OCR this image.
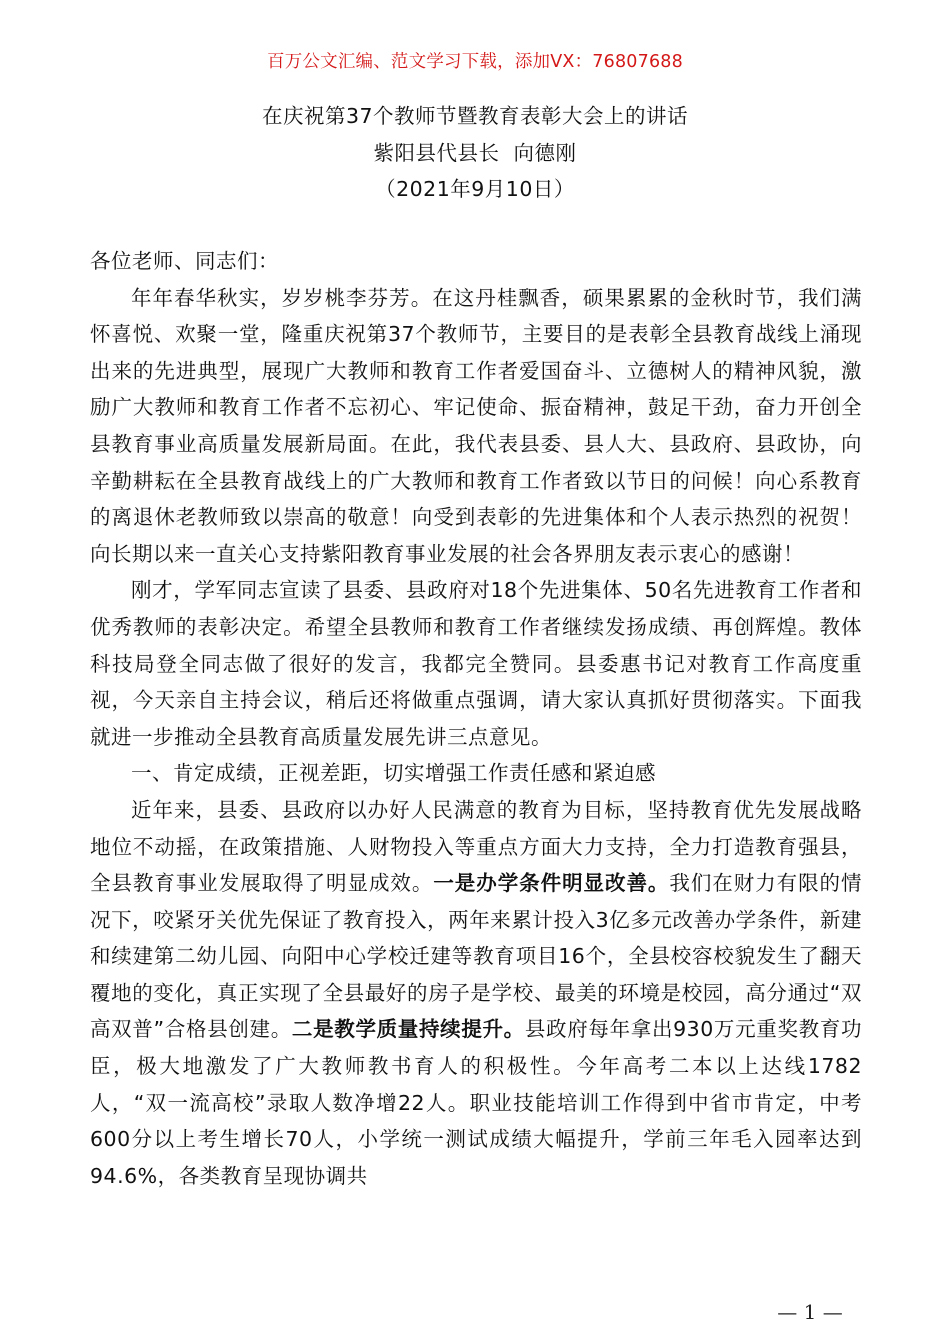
百万公文汇编、范文学习下载，添加VX：76807688
在庆祝第37个教师节暨教育表彰大会上的讲话
紫阳县代县长  向德刚
（2021年9月10日）

各位老师、同志们：

年年春华秋实，岁岁桃李芬芳。在这丹桂飘香，硕果累累的金秋时节，我们满怀喜悦、欢聚一堂，隆重庆祝第37个教师节，主要目的是表彰全县教育战线上涌现出来的先进典型，展现广大教师和教育工作者爱国奋斗、立德树人的精神风貌，激励广大教师和教育工作者不忘初心、牢记使命、振奋精神，鼓足干劲，奋力开创全县教育事业高质量发展新局面。在此，我代表县委、县人大、县政府、县政协，向辛勤耕耘在全县教育战线上的广大教师和教育工作者致以节日的问候！向心系教育的离退休老教师致以崇高的敬意！向受到表彰的先进集体和个人表示热烈的祝贺！向长期以来一直关心支持紫阳教育事业发展的社会各界朋友表示衷心的感谢！

刚才，学军同志宣读了县委、县政府对18个先进集体、50名先进教育工作者和优秀教师的表彰决定。希望全县教师和教育工作者继续发扬成绩、再创辉煌。教体科技局登全同志做了很好的发言，我都完全赞同。县委惠书记对教育工作高度重视，今天亲自主持会议，稍后还将做重点强调，请大家认真抓好贯彻落实。下面我就进一步推动全县教育高质量发展先讲三点意见。

一、肯定成绩，正视差距，切实增强工作责任感和紧迫感

近年来，县委、县政府以办好人民满意的教育为目标，坚持教育优先发展战略地位不动摇，在政策措施、人财物投入等重点方面大力支持，全力打造教育强县，全县教育事业发展取得了明显成效。一是办学条件明显改善。我们在财力有限的情况下，咬紧牙关优先保证了教育投入，两年来累计投入3亿多元改善办学条件，新建和续建第二幼儿园、向阳中心学校迁建等教育项目16个，全县校容校貌发生了翻天覆地的变化，真正实现了全县最好的房子是学校、最美的环境是校园，高分通过“双高双普”合格县创建。二是教学质量持续提升。县政府每年拿出930万元重奖教育功臣，极大地激发了广大教师教书育人的积极性。今年高考二本以上达线1782人，“双一流高校”录取人数净增22人。职业技能培训工作得到中省市肯定，中考600分以上考生增长70人，小学统一测试成绩大幅提升，学前三年毛入园率达到94.6%，各类教育呈现协调共

— 1 —
